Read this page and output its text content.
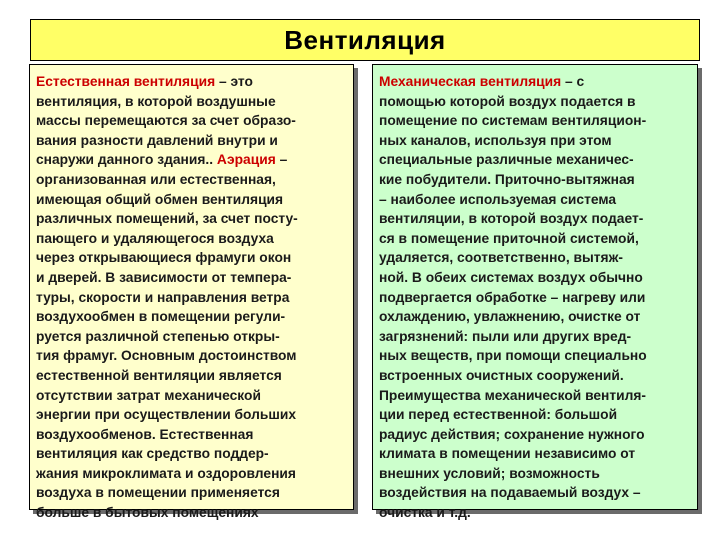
Вентиляция

Естественная вентиляция – это
вентиляция, в которой воздушные
массы перемещаются за счет образо-
вания разности давлений внутри и
снаружи данного здания.. Аэрация –
организованная или естественная,
имеющая общий обмен вентиляция
различных помещений, за счет посту-
пающего и удаляющегося воздуха
через открывающиеся фрамуги окон
и дверей. В зависимости от темпера-
туры, скорости и направления ветра
воздухообмен в помещении регули-
руется различной степенью откры-
тия фрамуг. Основным достоинством
естественной вентиляции является
отсутствии затрат механической
энергии при осуществлении больших
воздухообменов. Естественная
вентиляция как средство поддер-
жания микроклимата и оздоровления
воздуха в помещении применяется
больше в бытовых помещениях

Механическая вентиляция – с
помощью которой воздух подается в
помещение по системам вентиляцион-
ных каналов, используя при этом
специальные различные механичес-
кие побудители. Приточно-вытяжная
– наиболее используемая система
вентиляции, в которой воздух подает-
ся в помещение приточной системой,
удаляется, соответственно, вытяж-
ной. В обеих системах воздух обычно
подвергается обработке – нагреву или
охлаждению, увлажнению, очистке от
загрязнений: пыли или других вред-
ных веществ, при помощи специально
встроенных очистных сооружений.
Преимущества механической вентиля-
ции перед естественной: большой
радиус действия; сохранение нужного
климата в помещении независимо от
внешних условий; возможность
воздействия на подаваемый воздух –
очистка и т.д.
